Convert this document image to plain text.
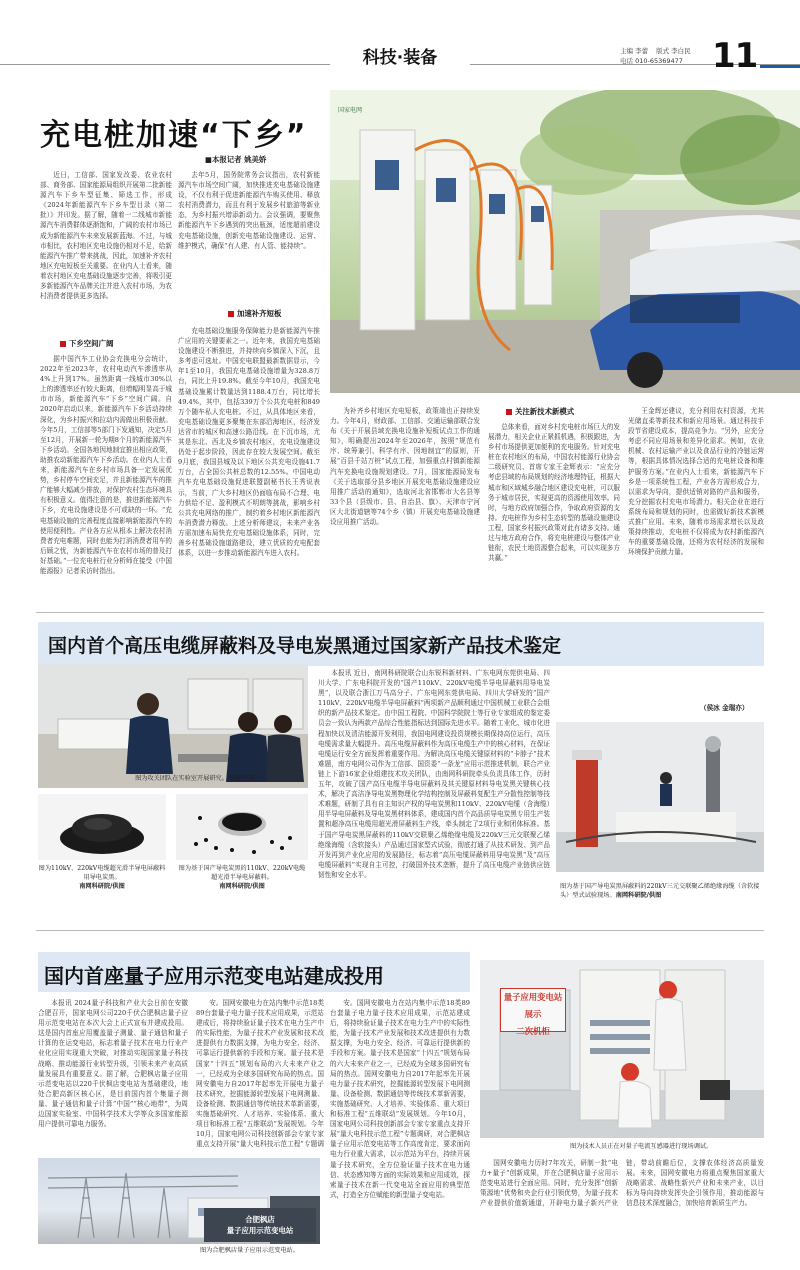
科技·装备	主编 李蕾 版式 李白民
电话 010-65369477 11
国家电网
充电桩加速“下乡”
■本报记者 姚美娇

近日，工信部、国家发改委、农业农村部、商务部、国家能源局组织开展第二批新能源汽车下乡车型征集、筛选工作，形成《2024年新能源汽车下乡车型目录（第二批）》并印发。据了解，随着一二线城市新能源汽车消费群体逐渐饱和，广阔的农村市场已成为新能源汽车未来发展新蓝海。不过，与城市相比，农村地区充电设施仍相对不足，给新能源汽车推广带来挑战，因此，加速补齐农村地区充电短板至关重要。在业内人士看来，随着农村地区充电基础设施逐步完善，将吸引更多新能源汽车品牌关注并进入农村市场，为农村消费者提供更多选择。

下乡空间广阔

据中国汽车工业协会充换电分会统计，2022年至2023年，农村电动汽车渗透率从4%上升到17%。虽然距离一线城市30%以上的渗透率还有较大距离，但增幅明显高于城市市场，新能源汽车“下乡”空间广阔。自2020年启动以来，新能源汽车下乡活动持续深化，为乡村振兴和拉动内需做出积极贡献。今年5月，工信部等5部门下发通知，决定5月至12月，开展新一轮为期8个月的新能源汽车下乡活动。全国各地因地制宜推出相应政策，助推农动新能源汽车下乡活动。在业内人士看来，新能源汽车在乡村市场具备一定发展优势，乡村停车空间充足，并且新能源汽车的推广能够大幅减少排放，对保护农村生态环境具有积极意义。值得注意的是，推进新能源汽车下乡，充电设施建设是不可或缺的一环。“充电基础设施的完善程度直接影响新能源汽车的使用便利性。产业各方应从根本上解决农村消费者充电难题，同时也能为打消消费者用车的后顾之忧，为新能源汽车在农村市场的普及打好基础。”一位充电桩行业分析师在接受《中国能源报》记者采访时指出。

去年5月，国务院常务会议指出，农村新能源汽车市场空间广阔，加快推进充电基础设施建设，不仅有利于促进新能源汽车购买使用、释放农村消费潜力，而且有利于发展乡村旅游等新业态，为乡村振兴增添新动力。会议强调，要聚焦新能源汽车下乡遇到的突出瓶颈，适度超前建设充电基础设施，创新充电基础设施建设、运营、维护模式，确保“有人建、有人管、能持续”。

加速补齐短板

充电基础设施服务保障能力是新能源汽车推广应用的关键要素之一。近年来，我国充电基础设施建设不断推进，并持续向乡镇深入下沉，且多考虑可选址。中国充电联盟最新数据显示，今年1至10月，我国充电基础设施增量为328.8万台，同比上升19.8%。截至今年10月，我国充电基础设施累计数量达到1188.4万台，同比增长49.4%，其中，包括339万个公共充电桩和849万个随车私人充电桩。不过，从具体地区来看，充电基础设施更多聚集在东部沿海地区，经济发达省市的城区和高速公路沿线。在下沉市场，尤其是东北、西北及乡镇农村地区，充电设施建设仍处于起步阶段，因此存在较大发展空间。截至9月底，我国县城及以下地区公共充电设施41.7万台，占全国公共桩总数的12.55%。中国电动汽车充电基础设施促进联盟副秘书长王秀说表示，当前，广大乡村地区仍面临布局不合理、电力供给不足、盈利模式不明朗等挑战，影响乡村公共充电网络的推广，制约着乡村地区新能源汽车消费潜力释放。上述分析师建议，未来产业各方需加速布局快充充电基础设施体系，同时，完善乡村基础设施道路建设，建立优质的充电配套体系，以进一步推动新能源汽车进入农村。

为补齐乡村地区充电短板，政策端也正持续发力。今年4月，财政部、工信部、交通运输部联合发布《关于开展县域充换电设施补短板试点工作的通知》，明确提出2024年至2026年，按照“规范有序、统筹兼引、科学有序、因地制宜”的原则，开展“百县千站万桩”试点工程，加强重点村镇新能源汽车充换电设施规划建设。7月，国家能源局发布《关于选取部分县乡地区开展充电基础设施建设应用推广活动的通知》，选取河北省邯郸市大名县等33个县（县级市、县、自治县、旗）、天津市宁河区大北街道辖等74个乡（镇）开展充电基础设施建设应用推广活动。

关注新技术新模式

总体来看，面对乡村充电桩市场巨大的发展潜力，相关企业正紧抓机遇，积极跟进，为乡村市场提供更加便利的充电服务。针对充电桩在农村地区的布局，中国农村能源行业协会二级研究员、首席专家王金辉表示：“应充分考虑县域的布局规划的经济地理特征，根据大城市和区域城乡融合地区建设充电桩，可以服务于城市居民，实现更高的资源使用效率。同时，与地方政府加强合作，争取政府资源的支持。充电桩作为乡村生态转型的基础设施建设工程，国家乡村振兴政策对此有诸多支持。通过与地方政府合作，将充电桩建设与整体产业链衔，农民土地资源整合起来，可以实现多方共赢。”

王金辉还建议，充分利用农村资源，尤其光储直柔等新技术和新应用场景。通过科技手段节省建设成本，提高竞争力。“另外，应充分考虑不同应用场景和差异化需求。例如，农业机械、农村运输产业以及食品行业的冷链运营等，根据具体情况选择合适的充电桩设备和维护服务方案。”在业内人士看来，新能源汽车下乡是一项系统性工程，产业各方需形成合力，以需求为导向，提供适销对路的产品和服务，充分挖掘农村充电市场潜力。相关企业在进行系统布局和规划的同时，也需做好新技术新模式推广应用。未来，随着市场需求增长以及政策持续推动，充电桩不仅将成为农村新能源汽车的重要基础设施，还将为农村经济的发展和环境保护贡献力量。

国内首个高压电缆屏蔽料及导电炭黑通过国家新产品技术鉴定
图为攻关团队在实验室开展研究。许超宇/摄
图为110kV、220kV电缆超光滑半导电屏蔽料用导电炭黑。
南网科研院/供图
图为基于国产导电炭黑的110kV、220kV电缆超光滑半导电屏蔽料。
南网科研院/供图

本报讯 近日，南网科研院联合山东锐科新材料、广东电网东莞供电局、四川大学、广东电科院开发的“国产110kV、220kV电缆半导电屏蔽料用导电炭黑”，以及联合浙江万马高分子、广东电网东莞供电局、四川大学研发的“国产110kV、220kV电缆半导电屏蔽料”两项新产品顺利通过中国机械工业联合会组织的新产品技术鉴定。由中国工程院、中国科学院院士等行业专家组成的鉴定委员会一致认为两款产品综合性能指标达到国际先进水平。随着工业化、城市化进程加快以及清洁能源开发利用，我国电网建设投资规模长期保持高位运行，高压电缆需求量大幅提升。高压电缆屏蔽料作为高压电缆生产中的核心材料，在保证电缆运行安全方面发挥着重要作用。为解决高压电缆关键原材料的“卡脖子”技术难题，南方电网公司作为工信部、国资委“一条龙”应用示范推进机制，联合产业链上下游16家企业组建技术攻关团队，由南网科研院牵头负责具体工作，历时五年，攻破了国产高压电缆半导电屏蔽料及其关键原材料导电炭黑关键核心技术，解决了高洁净导电炭黑物理化学结构控制及屏蔽料复配生产分散性控制等技术难题，研制了具有自主知识产权的导电炭黑和110kV、220kV电缆（含海缆）用半导电屏蔽料及导电炭黑材料体系，建成国内首个高品质导电炭黑专用生产装置和超净高压电缆用超光滑屏蔽料生产线，牵头制定了2项行业和团体标准。基于国产导电炭黑屏蔽料的110kV交联聚乙烯绝缘电缆及220kV三元交联聚乙烯绝缘海缆（含软接头）产品通过国家型式试验，彻底打通了从技术研发、到产品开发再到产业化应用的发展路径，标志着“高压电缆屏蔽料用导电炭黑”及“高压电缆屏蔽料”实现自主可控，打破国外技术垄断，提升了高压电缆产业链供应链韧性和安全水平。

（侯冰 金瑞亦）
图为基于国产导电炭黑屏蔽料的220kV三元交联聚乙烯绝缘海缆（含软接头）型式试验现场。南网科研院/供图
国内首座量子应用示范变电站建成投用
合肥枫店
量子应用示范变电站
图为合肥枫店量子应用示范变电站。

本报讯 2024量子科技和产业大会日前在安徽合肥召开，国家电网公司220千伏合肥枫店量子应用示范变电站在本次大会上正式宣布并建成投用。这是国内首座应用覆盖量子测量、量子通信和量子计算的在运变电站，标志着量子技术在电力行业产业化应用实现重大突破，对推动实现国家量子科技战略、推动能源行业转型升级，引领未来产业高质量发展具有重要意义。据了解，合肥枫店量子应用示范变电站以220千伏枫店变电站为基础建设，地处合肥高新区核心区，是目前国内首个集量子测量、量子通信和量子计算“中国”“核心地带”，为周边国家实验室、中国科学技术大学等众多国家能源用户提供可靠电力服务。

安。国网安徽电力在站内集中示范18类89台套量子电力量子技术应用成果，示范站建成后，将持续验证量子技术在电力生产中的实际性能，为量子技术产业发展和技术改进提供有力数据支撑，为电力安全、经济、可靠运行提供新的手段和方案。量子技术是国家“十四五”规划布局的六大未来产业之一，已经成为全球多国研究布局的热点。国网安徽电力自2017年起率先开展电力量子技术研究，挖掘能源转型发展下电网测量、设备检测、数据通信等传统技术革新需要，实施基础研究、人才培养、实验体系、重大项目和标准工程“五维联动”发展规划。今年10月，国家电网公司科技创新部会专家专家重点支持开展“量大电科技示范工程”专题调

安。国网安徽电力在站内集中示范18类89台套量子电力量子技术应用成果，示范站建成后，将持续验证量子技术在电力生产中的实际性能，为量子技术产业发展和技术改进提供有力数据支撑，为电力安全、经济、可靠运行提供新的手段和方案。量子技术是国家“十四五”规划布局的六大未来产业之一，已经成为全球多国研究布局的热点。国网安徽电力自2017年起率先开展电力量子技术研究，挖掘能源转型发展下电网测量、设备检测、数据通信等传统技术革新需要，实施基础研究、人才培养、实验体系、重大项目和标准工程“五维联动”发展规划。今年10月，国家电网公司科技创新部会专家专家重点支持开展“量大电科技示范工程”专题调研，对合肥枫店量子应用示范变电站等工作高度肯定，要求面向电力行业重大需求，以示范站为平台，持续开展量子技术研究，全方位验证量子技术在电力通信、状态感知等方面的实际效果和应用成效，探索量子技术在新一代变电站全面应用的典型范式，打造全方位赋能的新型量子变电站。

量子应用变电站展示
二次机柜
图为技术人员正在对量子电流互感器进行现场调试。

国网安徽电力历时7年攻关，研制一批“电力+量子”创新成果，并在合肥枫店量子应用示范变电站进行全面应用。同时，充分发挥“创新策源地”优势和央企行业引领优势，为量子技术产业提供价值新通道，开辟电力量子新兴产业链，带动前瞻后位，支撑农体经济高质量发展。未来，国网安徽电力将重点聚焦国家重大战略需求、战略性新兴产业和未来产业，以目标为导向持续发挥央企引领作用，推动能源与信息技术深度融合，加快培育新质生产力。
